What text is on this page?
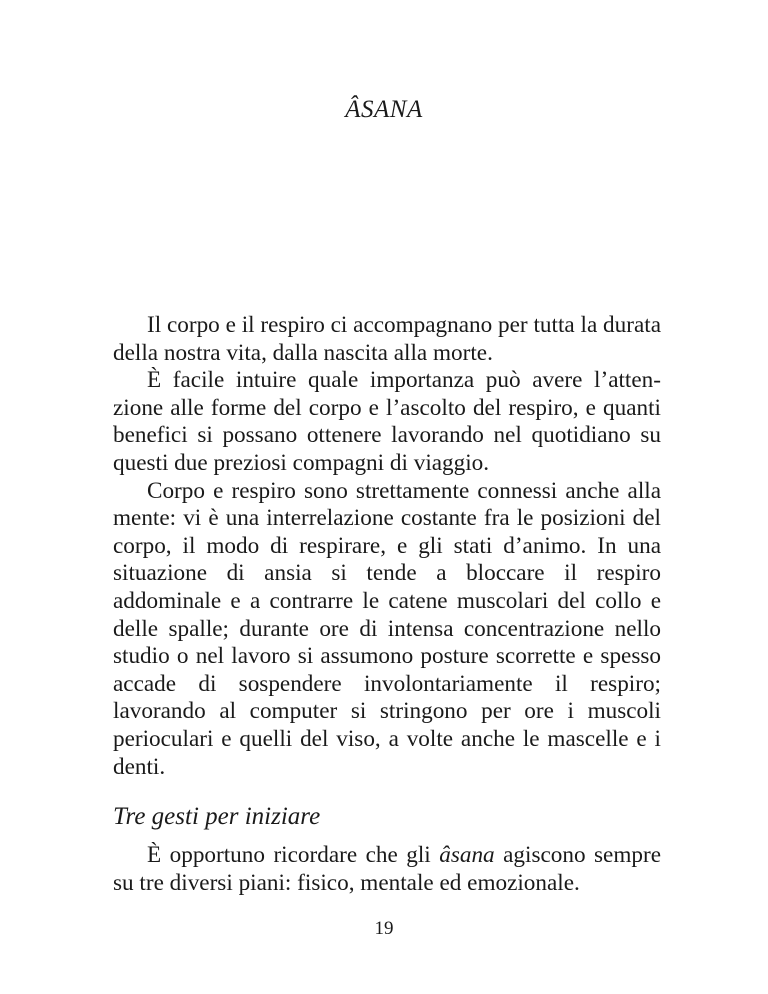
ÂSANA

Il corpo e il respiro ci accompagnano per tutta la durata della nostra vita, dalla nascita alla morte.

È facile intuire quale importanza può avere l’attenzione alle forme del corpo e l’ascolto del respiro, e quanti benefici si possano ottenere lavorando nel quotidiano su questi due preziosi compagni di viaggio.

Corpo e respiro sono strettamente connessi anche alla mente: vi è una interrelazione costante fra le posizioni del corpo, il modo di respirare, e gli stati d’animo. In una situazione di ansia si tende a bloccare il respiro addominale e a contrarre le catene muscolari del collo e delle spalle; durante ore di intensa concentrazione nello studio o nel lavoro si assumono posture scorrette e spesso accade di sospendere involontariamente il respiro; lavorando al computer si stringono per ore i muscoli perioculari e quelli del viso, a volte anche le mascelle e i denti.

Tre gesti per iniziare

È opportuno ricordare che gli âsana agiscono sempre su tre diversi piani: fisico, mentale ed emozionale.

19
